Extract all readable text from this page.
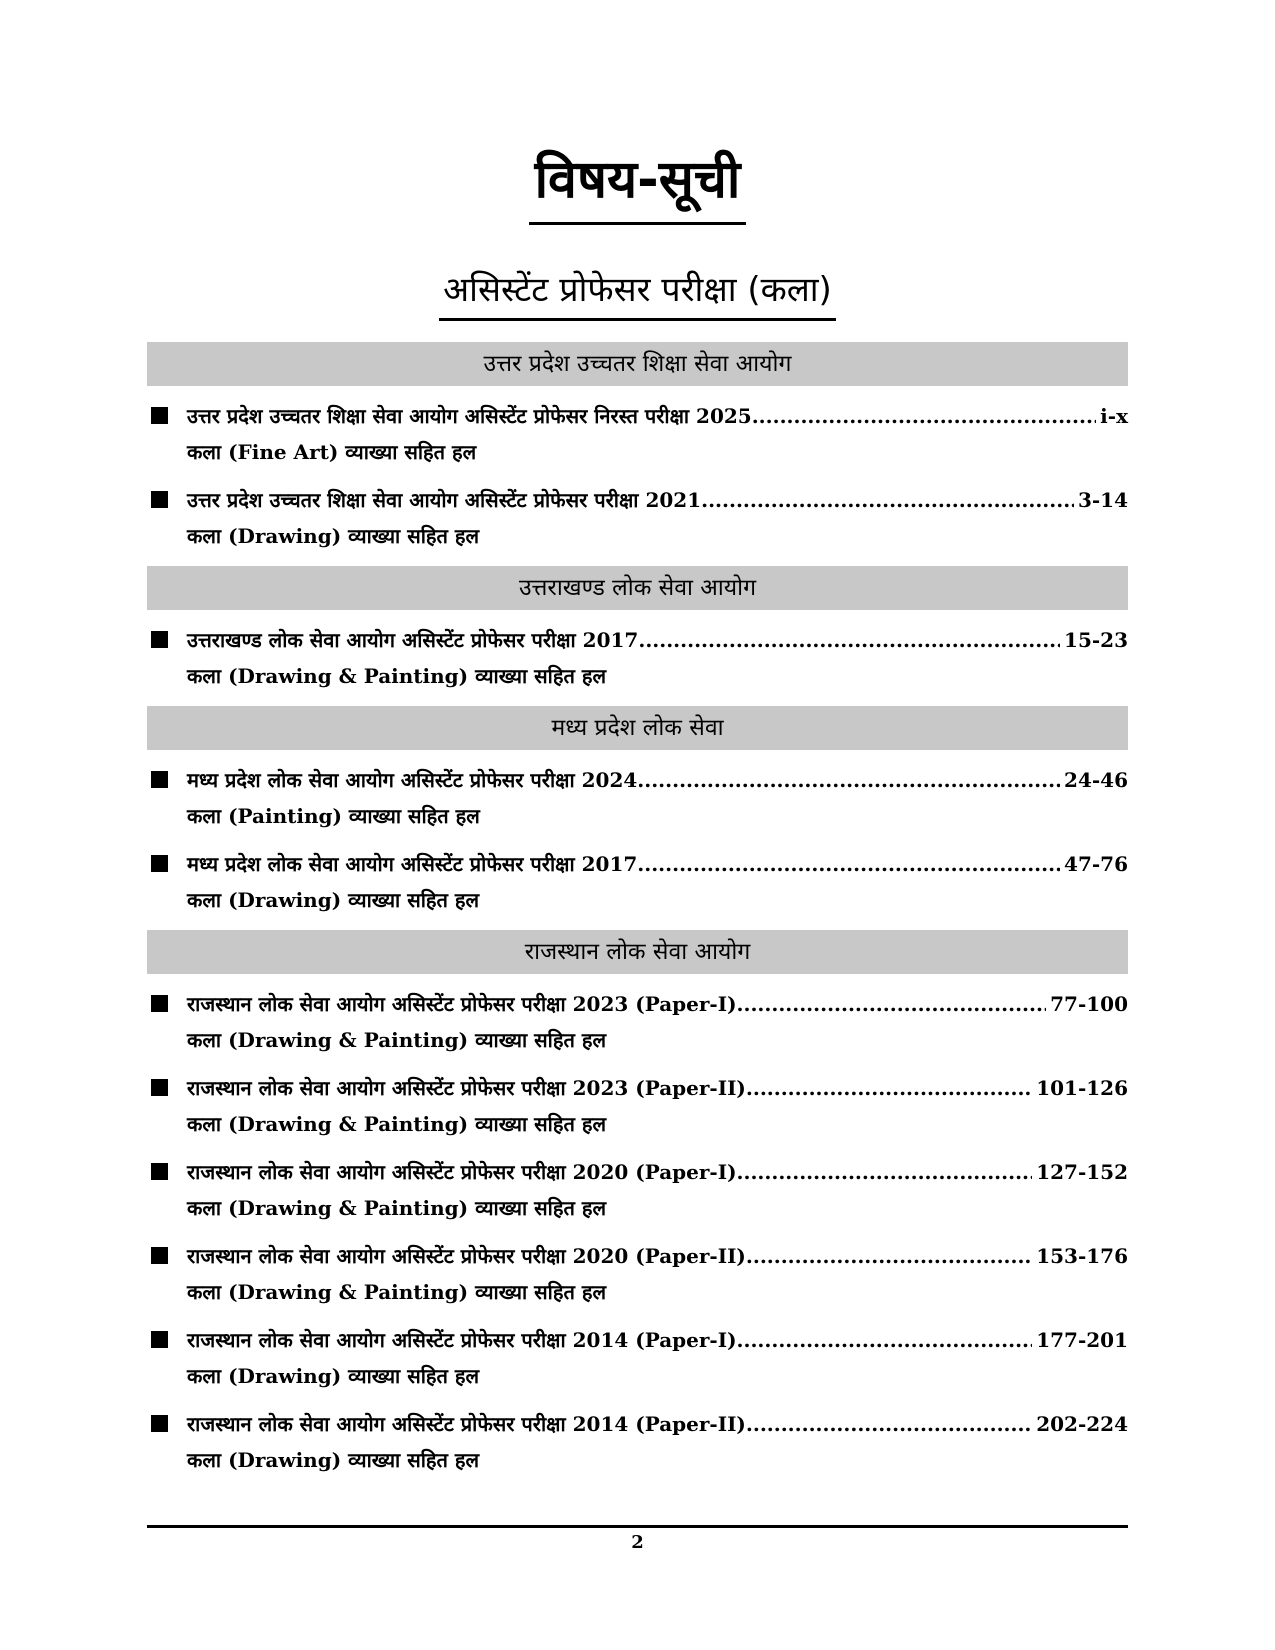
विषय-सूची
असिस्टेंट प्रोफेसर परीक्षा (कला)
उत्तर प्रदेश उच्चतर शिक्षा सेवा आयोग
उत्तर प्रदेश उच्चतर शिक्षा सेवा आयोग असिस्टेंट प्रोफेसर निरस्त परीक्षा 2025 .....	i-x
कला (Fine Art) व्याख्या सहित हल
उत्तर प्रदेश उच्चतर शिक्षा सेवा आयोग असिस्टेंट प्रोफेसर परीक्षा 2021 .....	3-14
कला (Drawing) व्याख्या सहित हल
उत्तराखण्ड लोक सेवा आयोग
उत्तराखण्ड लोक सेवा आयोग असिस्टेंट प्रोफेसर परीक्षा 2017 .....	15-23
कला (Drawing & Painting) व्याख्या सहित हल
मध्य प्रदेश लोक सेवा
मध्य प्रदेश लोक सेवा आयोग असिस्टेंट प्रोफेसर परीक्षा 2024 .....	24-46
कला (Painting) व्याख्या सहित हल
मध्य प्रदेश लोक सेवा आयोग असिस्टेंट प्रोफेसर परीक्षा 2017 .....	47-76
कला (Drawing) व्याख्या सहित हल
राजस्थान लोक सेवा आयोग
राजस्थान लोक सेवा आयोग असिस्टेंट प्रोफेसर परीक्षा 2023 (Paper-I) .....	77-100
कला (Drawing & Painting) व्याख्या सहित हल
राजस्थान लोक सेवा आयोग असिस्टेंट प्रोफेसर परीक्षा 2023 (Paper-II) .....	101-126
कला (Drawing & Painting) व्याख्या सहित हल
राजस्थान लोक सेवा आयोग असिस्टेंट प्रोफेसर परीक्षा 2020 (Paper-I) .....	127-152
कला (Drawing & Painting) व्याख्या सहित हल
राजस्थान लोक सेवा आयोग असिस्टेंट प्रोफेसर परीक्षा 2020 (Paper-II) .....	153-176
कला (Drawing & Painting) व्याख्या सहित हल
राजस्थान लोक सेवा आयोग असिस्टेंट प्रोफेसर परीक्षा 2014 (Paper-I) .....	177-201
कला (Drawing) व्याख्या सहित हल
राजस्थान लोक सेवा आयोग असिस्टेंट प्रोफेसर परीक्षा 2014 (Paper-II) .....	202-224
कला (Drawing) व्याख्या सहित हल
2
